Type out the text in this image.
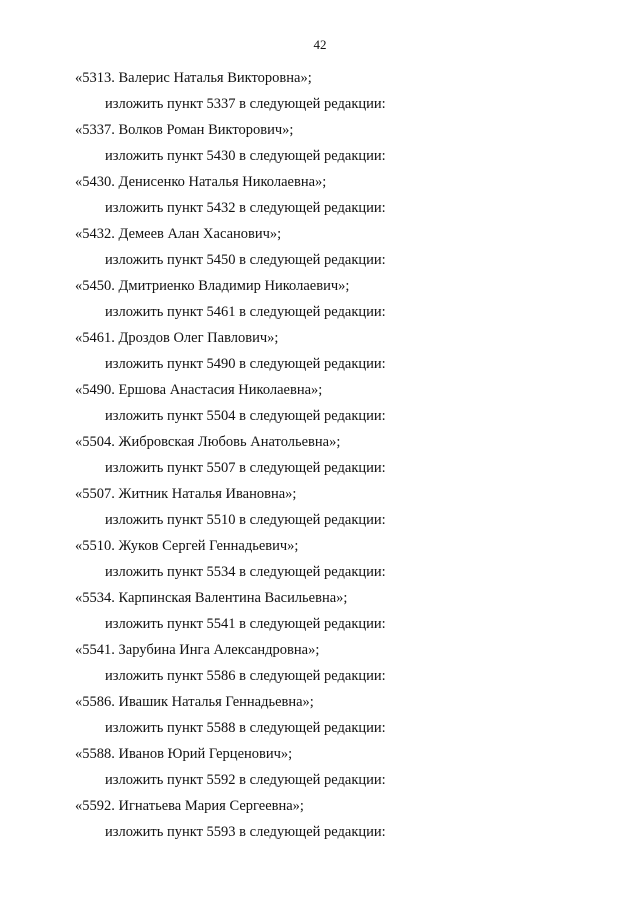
42
«5313. Валерис Наталья Викторовна»;
изложить пункт 5337 в следующей редакции:
«5337. Волков Роман Викторович»;
изложить пункт 5430 в следующей редакции:
«5430. Денисенко Наталья Николаевна»;
изложить пункт 5432 в следующей редакции:
«5432. Демеев Алан Хасанович»;
изложить пункт 5450 в следующей редакции:
«5450. Дмитриенко Владимир Николаевич»;
изложить пункт 5461 в следующей редакции:
«5461. Дроздов Олег Павлович»;
изложить пункт 5490 в следующей редакции:
«5490. Ершова Анастасия Николаевна»;
изложить пункт 5504 в следующей редакции:
«5504. Жибровская Любовь Анатольевна»;
изложить пункт 5507 в следующей редакции:
«5507. Житник Наталья Ивановна»;
изложить пункт 5510 в следующей редакции:
«5510. Жуков Сергей Геннадьевич»;
изложить пункт 5534 в следующей редакции:
«5534. Карпинская Валентина Васильевна»;
изложить пункт 5541 в следующей редакции:
«5541. Зарубина Инга Александровна»;
изложить пункт 5586 в следующей редакции:
«5586. Ивашик Наталья Геннадьевна»;
изложить пункт 5588 в следующей редакции:
«5588. Иванов Юрий Герценович»;
изложить пункт 5592 в следующей редакции:
«5592. Игнатьева Мария Сергеевна»;
изложить пункт 5593 в следующей редакции:
